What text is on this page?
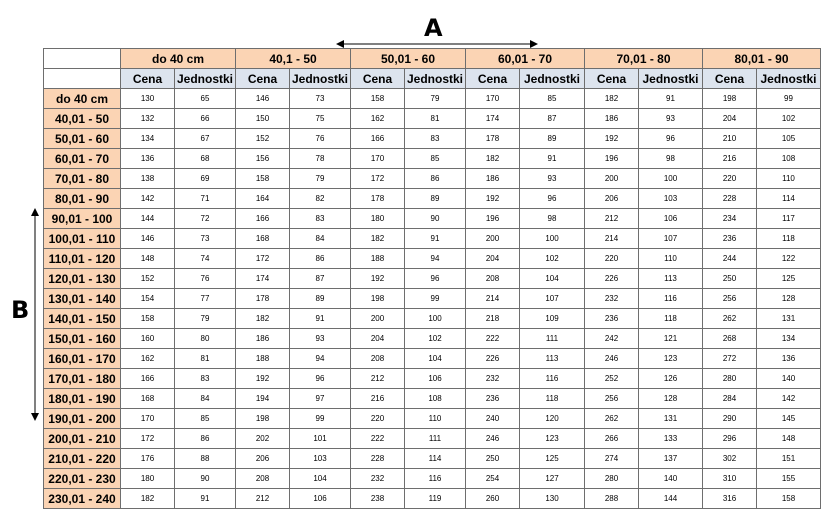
A
B
	do 40 cm		40,1 - 50		50,01 - 60		60,01 - 70		70,01 - 80		80,01 - 90	
	Cena	Jednostki	Cena	Jednostki	Cena	Jednostki	Cena	Jednostki	Cena	Jednostki	Cena	Jednostki
do 40 cm	130	65	146	73	158	79	170	85	182	91	198	99
40,01 - 50	132	66	150	75	162	81	174	87	186	93	204	102
50,01 - 60	134	67	152	76	166	83	178	89	192	96	210	105
60,01 - 70	136	68	156	78	170	85	182	91	196	98	216	108
70,01 - 80	138	69	158	79	172	86	186	93	200	100	220	110
80,01 - 90	142	71	164	82	178	89	192	96	206	103	228	114
90,01 - 100	144	72	166	83	180	90	196	98	212	106	234	117
100,01 - 110	146	73	168	84	182	91	200	100	214	107	236	118
110,01 - 120	148	74	172	86	188	94	204	102	220	110	244	122
120,01 - 130	152	76	174	87	192	96	208	104	226	113	250	125
130,01 - 140	154	77	178	89	198	99	214	107	232	116	256	128
140,01 - 150	158	79	182	91	200	100	218	109	236	118	262	131
150,01 - 160	160	80	186	93	204	102	222	111	242	121	268	134
160,01 - 170	162	81	188	94	208	104	226	113	246	123	272	136
170,01 - 180	166	83	192	96	212	106	232	116	252	126	280	140
180,01 - 190	168	84	194	97	216	108	236	118	256	128	284	142
190,01 - 200	170	85	198	99	220	110	240	120	262	131	290	145
200,01 - 210	172	86	202	101	222	111	246	123	266	133	296	148
210,01 - 220	176	88	206	103	228	114	250	125	274	137	302	151
220,01 - 230	180	90	208	104	232	116	254	127	280	140	310	155
230,01 - 240	182	91	212	106	238	119	260	130	288	144	316	158
